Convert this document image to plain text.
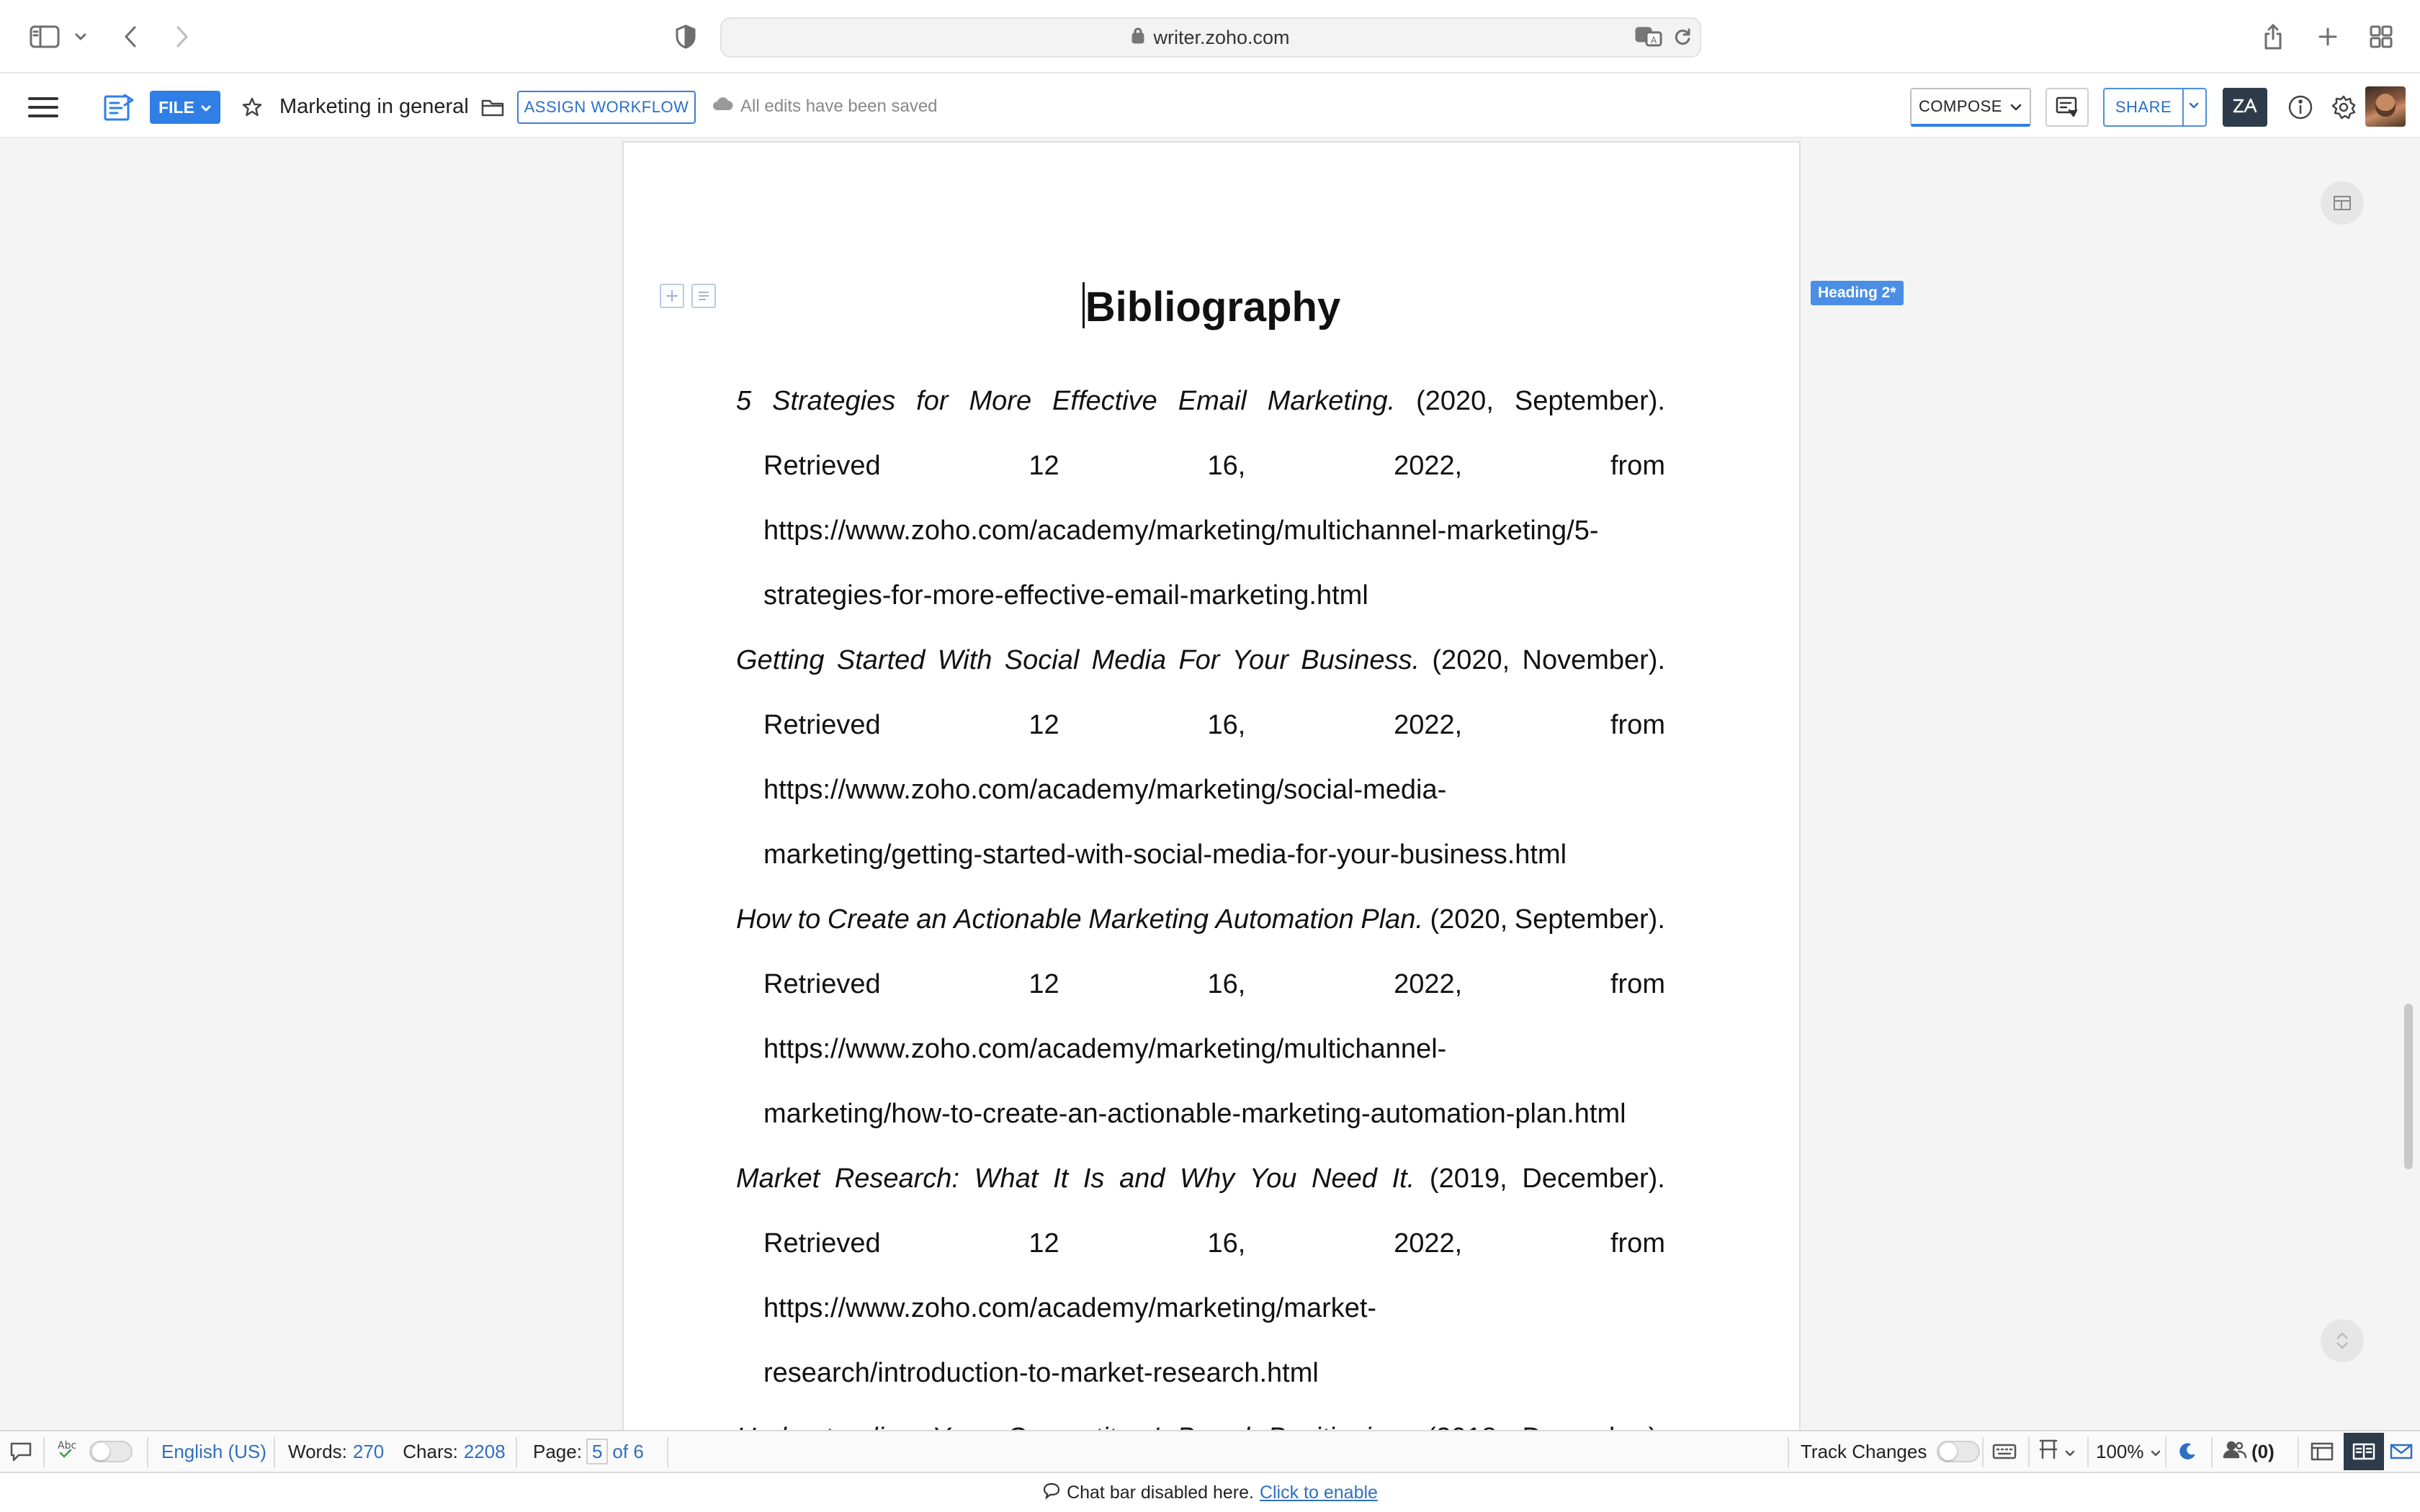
writer.zoho.com	A
FILE	Marketing in general	ASSIGN WORKFLOW	All edits have been saved	COMPOSE	SHARE
Bibliography
5 Strategies for More Effective Email Marketing. (2020, September).
Retrieved	12	16,	2022,	from
https://www.zoho.com/academy/marketing/multichannel-marketing/5-
strategies-for-more-effective-email-marketing.html
Getting Started With Social Media For Your Business. (2020, November).
Retrieved	12	16,	2022,	from
https://www.zoho.com/academy/marketing/social-media-
marketing/getting-started-with-social-media-for-your-business.html
How to Create an Actionable Marketing Automation Plan. (2020, September).
Retrieved	12	16,	2022,	from
https://www.zoho.com/academy/marketing/multichannel-
marketing/how-to-create-an-actionable-marketing-automation-plan.html
Market Research: What It Is and Why You Need It. (2019, December).
Retrieved	12	16,	2022,	from
https://www.zoho.com/academy/marketing/market-
research/introduction-to-market-research.html
Heading 2*
Abc	English (US) Words: 270 Chars: 2208 Page: 5 of 6	Track Changes	100%	(0)
Chat bar disabled here. Click to enable
